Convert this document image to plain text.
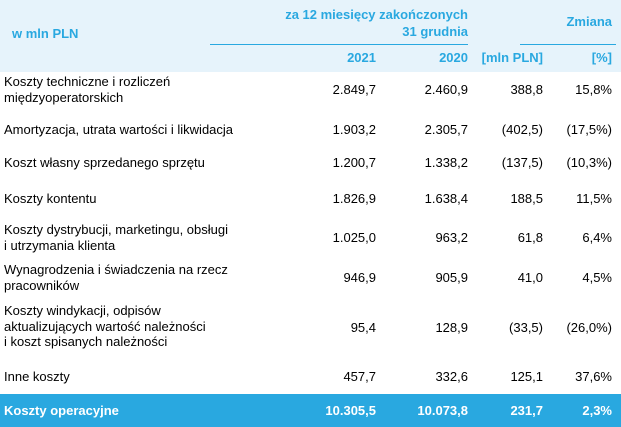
w mln PLN
za 12 miesięcy zakończonych
31 grudnia
Zmiana
2021	2020	[mln PLN]	[%]
Koszty techniczne i rozliczeń
międzyoperatorskich	2.849,7	2.460,9	388,8	15,8%
Amortyzacja, utrata wartości i likwidacja	1.903,2	2.305,7	(402,5)	(17,5%)
Koszt własny sprzedanego sprzętu	1.200,7	1.338,2	(137,5)	(10,3%)
Koszty kontentu	1.826,9	1.638,4	188,5	11,5%
Koszty dystrybucji, marketingu, obsługi
i utrzymania klienta	1.025,0	963,2	61,8	6,4%
Wynagrodzenia i świadczenia na rzecz
pracowników	946,9	905,9	41,0	4,5%
Koszty windykacji, odpisów
aktualizujących wartość należności
i koszt spisanych należności
95,4	128,9	(33,5)	(26,0%)
Inne koszty	457,7	332,6	125,1	37,6%
Koszty operacyjne	10.305,5	10.073,8	231,7	2,3%
